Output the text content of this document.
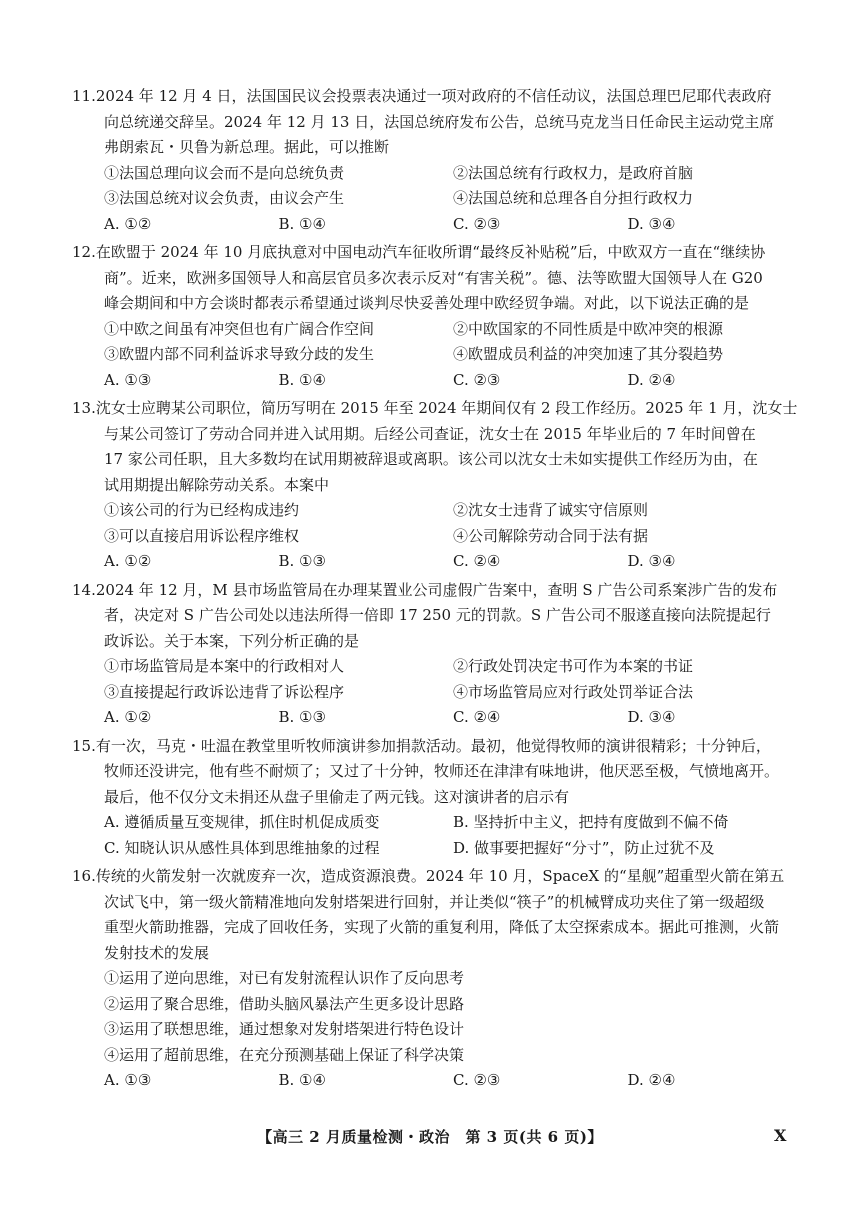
11.2024 年 12 月 4 日，法国国民议会投票表决通过一项对政府的不信任动议，法国总理巴尼耶代表政府
向总统递交辞呈。2024 年 12 月 13 日，法国总统府发布公告，总统马克龙当日任命民主运动党主席
弗朗索瓦・贝鲁为新总理。据此，可以推断
①法国总理向议会而不是向总统负责	②法国总统有行政权力，是政府首脑
③法国总统对议会负责，由议会产生	④法国总统和总理各自分担行政权力
A. ①②	B. ①④	C. ②③	D. ③④
12.在欧盟于 2024 年 10 月底执意对中国电动汽车征收所谓“最终反补贴税”后，中欧双方一直在“继续协
商”。近来，欧洲多国领导人和高层官员多次表示反对“有害关税”。德、法等欧盟大国领导人在 G20
峰会期间和中方会谈时都表示希望通过谈判尽快妥善处理中欧经贸争端。对此，以下说法正确的是
①中欧之间虽有冲突但也有广阔合作空间	②中欧国家的不同性质是中欧冲突的根源
③欧盟内部不同利益诉求导致分歧的发生	④欧盟成员利益的冲突加速了其分裂趋势
A. ①③	B. ①④	C. ②③	D. ②④
13.沈女士应聘某公司职位，简历写明在 2015 年至 2024 年期间仅有 2 段工作经历。2025 年 1 月，沈女士
与某公司签订了劳动合同并进入试用期。后经公司查证，沈女士在 2015 年毕业后的 7 年时间曾在
17 家公司任职，且大多数均在试用期被辞退或离职。该公司以沈女士未如实提供工作经历为由，在
试用期提出解除劳动关系。本案中
①该公司的行为已经构成违约	②沈女士违背了诚实守信原则
③可以直接启用诉讼程序维权	④公司解除劳动合同于法有据
A. ①②	B. ①③	C. ②④	D. ③④
14.2024 年 12 月，M 县市场监管局在办理某置业公司虚假广告案中，查明 S 广告公司系案涉广告的发布
者，决定对 S 广告公司处以违法所得一倍即 17 250 元的罚款。S 广告公司不服遂直接向法院提起行
政诉讼。关于本案，下列分析正确的是
①市场监管局是本案中的行政相对人	②行政处罚决定书可作为本案的书证
③直接提起行政诉讼违背了诉讼程序	④市场监管局应对行政处罚举证合法
A. ①②	B. ①③	C. ②④	D. ③④
15.有一次，马克・吐温在教堂里听牧师演讲参加捐款活动。最初，他觉得牧师的演讲很精彩；十分钟后，
牧师还没讲完，他有些不耐烦了；又过了十分钟，牧师还在津津有味地讲，他厌恶至极，气愤地离开。
最后，他不仅分文未捐还从盘子里偷走了两元钱。这对演讲者的启示有
A. 遵循质量互变规律，抓住时机促成质变	B. 坚持折中主义，把持有度做到不偏不倚
C. 知晓认识从感性具体到思维抽象的过程	D. 做事要把握好“分寸”，防止过犹不及
16.传统的火箭发射一次就废弃一次，造成资源浪费。2024 年 10 月，SpaceX 的“星舰”超重型火箭在第五
次试飞中，第一级火箭精准地向发射塔架进行回射，并让类似“筷子”的机械臂成功夹住了第一级超级
重型火箭助推器，完成了回收任务，实现了火箭的重复利用，降低了太空探索成本。据此可推测，火箭
发射技术的发展
①运用了逆向思维，对已有发射流程认识作了反向思考
②运用了聚合思维，借助头脑风暴法产生更多设计思路
③运用了联想思维，通过想象对发射塔架进行特色设计
④运用了超前思维，在充分预测基础上保证了科学决策
A. ①③	B. ①④	C. ②③	D. ②④
【高三 2 月质量检测・政治　第 3 页(共 6 页)】	X
